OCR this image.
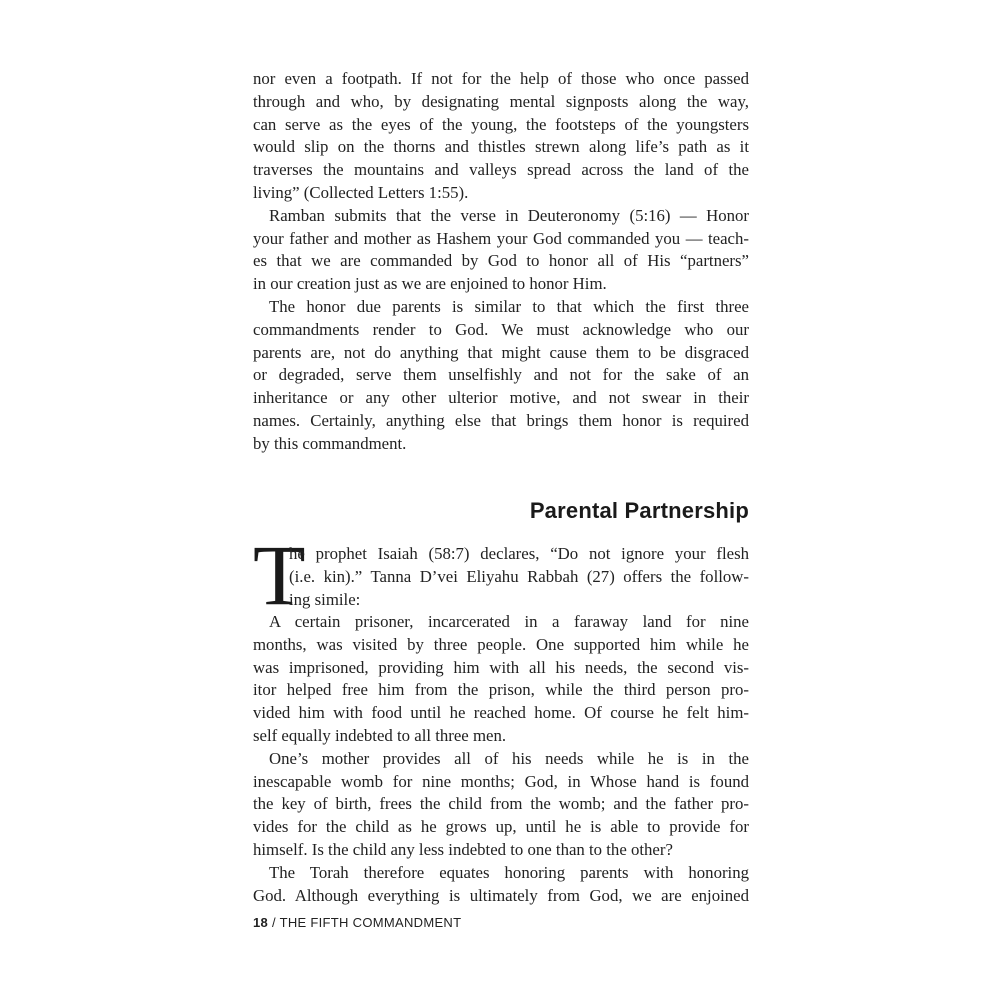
nor even a footpath. If not for the help of those who once passed
through and who, by designating mental signposts along the way,
can serve as the eyes of the young, the footsteps of the youngsters
would slip on the thorns and thistles strewn along life’s path as it
traverses the mountains and valleys spread across the land of the
living” (Collected Letters 1:55).
Ramban submits that the verse in Deuteronomy (5:16) — Honor
your father and mother as Hashem your God commanded you — teach-
es that we are commanded by God to honor all of His “partners”
in our creation just as we are enjoined to honor Him.
The honor due parents is similar to that which the first three
commandments render to God. We must acknowledge who our
parents are, not do anything that might cause them to be disgraced
or degraded, serve them unselfishly and not for the sake of an
inheritance or any other ulterior motive, and not swear in their
names. Certainly, anything else that brings them honor is required
by this commandment.
Parental Partnership
T
he prophet Isaiah (58:7) declares, “Do not ignore your flesh
(i.e. kin).” Tanna D’vei Eliyahu Rabbah (27) offers the follow-
ing simile:
A certain prisoner, incarcerated in a faraway land for nine
months, was visited by three people. One supported him while he
was imprisoned, providing him with all his needs, the second vis-
itor helped free him from the prison, while the third person pro-
vided him with food until he reached home. Of course he felt him-
self equally indebted to all three men.
One’s mother provides all of his needs while he is in the
inescapable womb for nine months; God, in Whose hand is found
the key of birth, frees the child from the womb; and the father pro-
vides for the child as he grows up, until he is able to provide for
himself. Is the child any less indebted to one than to the other?
The Torah therefore equates honoring parents with honoring
God. Although everything is ultimately from God, we are enjoined
18 / THE FIFTH COMMANDMENT
